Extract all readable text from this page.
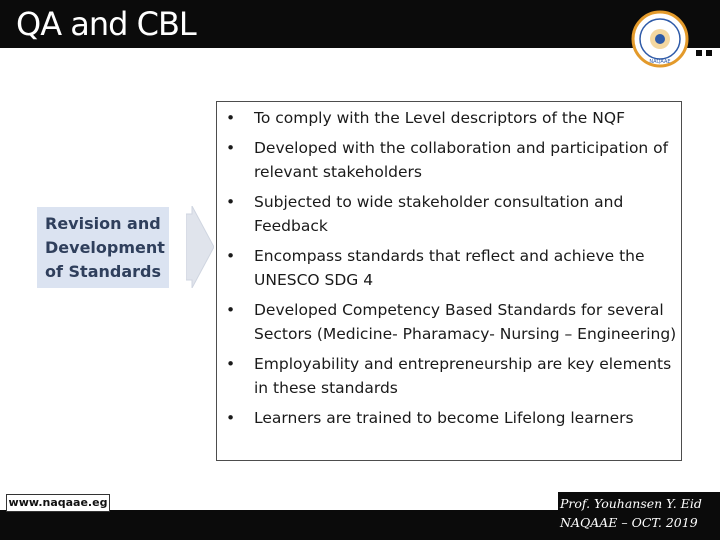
QA and CBL
NAQAAE
Revision and Development of Standards
• To comply with the Level descriptors of the NQF
• Developed with the collaboration and participation of relevant stakeholders
• Subjected to wide stakeholder consultation and Feedback
• Encompass standards that reflect and achieve the UNESCO SDG 4
• Developed Competency Based Standards for several Sectors (Medicine- Pharamacy- Nursing – Engineering)
• Employability and entrepreneurship are key elements in these standards
• Learners are trained to become Lifelong learners
www.naqaae.eg	Prof. Youhansen Y. Eid
NAQAAE – OCT. 2019
